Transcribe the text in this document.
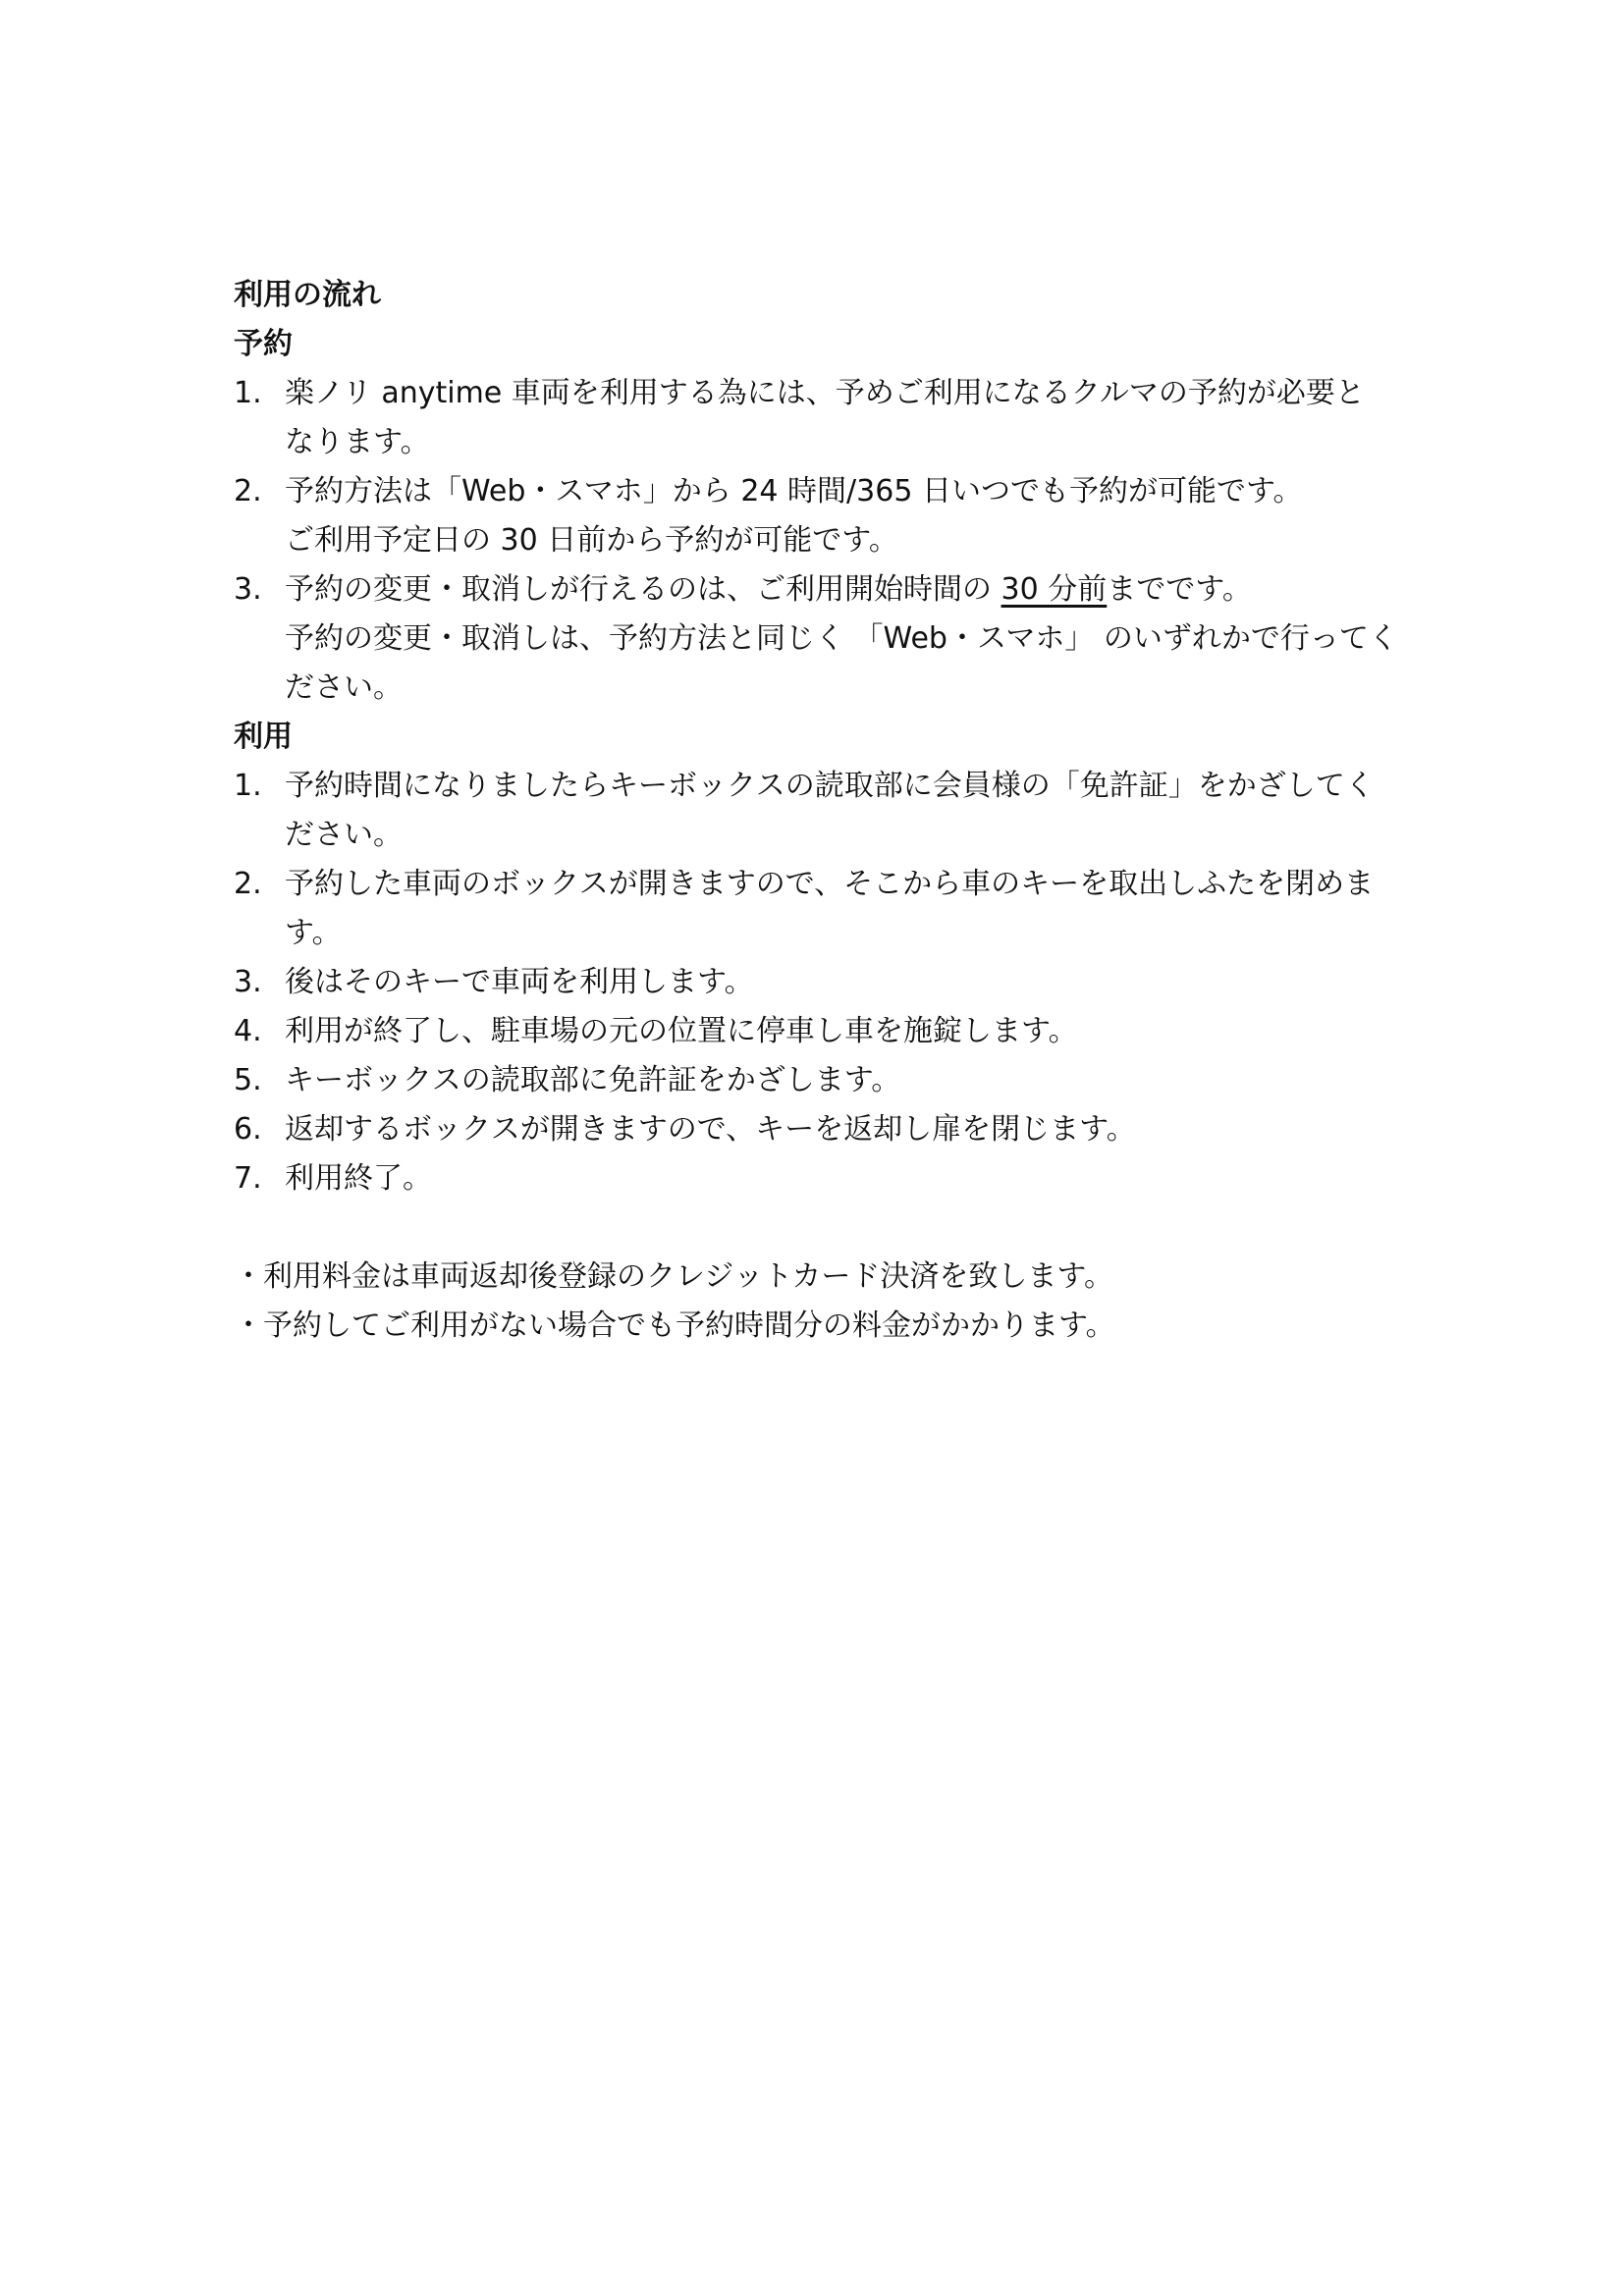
利用の流れ
予約
1. 楽ノリ anytime 車両を利用する為には、予めご利用になるクルマの予約が必要と
なります。
2. 予約方法は「Web・スマホ」から 24 時間/365 日いつでも予約が可能です。
ご利用予定日の 30 日前から予約が可能です。
3. 予約の変更・取消しが行えるのは、ご利用開始時間の 30 分前までです。
予約の変更・取消しは、予約方法と同じく 「Web・スマホ」 のいずれかで行ってく
ださい。
利用
1. 予約時間になりましたらキーボックスの読取部に会員様の「免許証」をかざしてく
ださい。
2. 予約した車両のボックスが開きますので、そこから車のキーを取出しふたを閉めま
す。
3. 後はそのキーで車両を利用します。
4. 利用が終了し、駐車場の元の位置に停車し車を施錠します。
5. キーボックスの読取部に免許証をかざします。
6. 返却するボックスが開きますので、キーを返却し扉を閉じます。
7. 利用終了。
・利用料金は車両返却後登録のクレジットカード決済を致します。
・予約してご利用がない場合でも予約時間分の料金がかかります。
